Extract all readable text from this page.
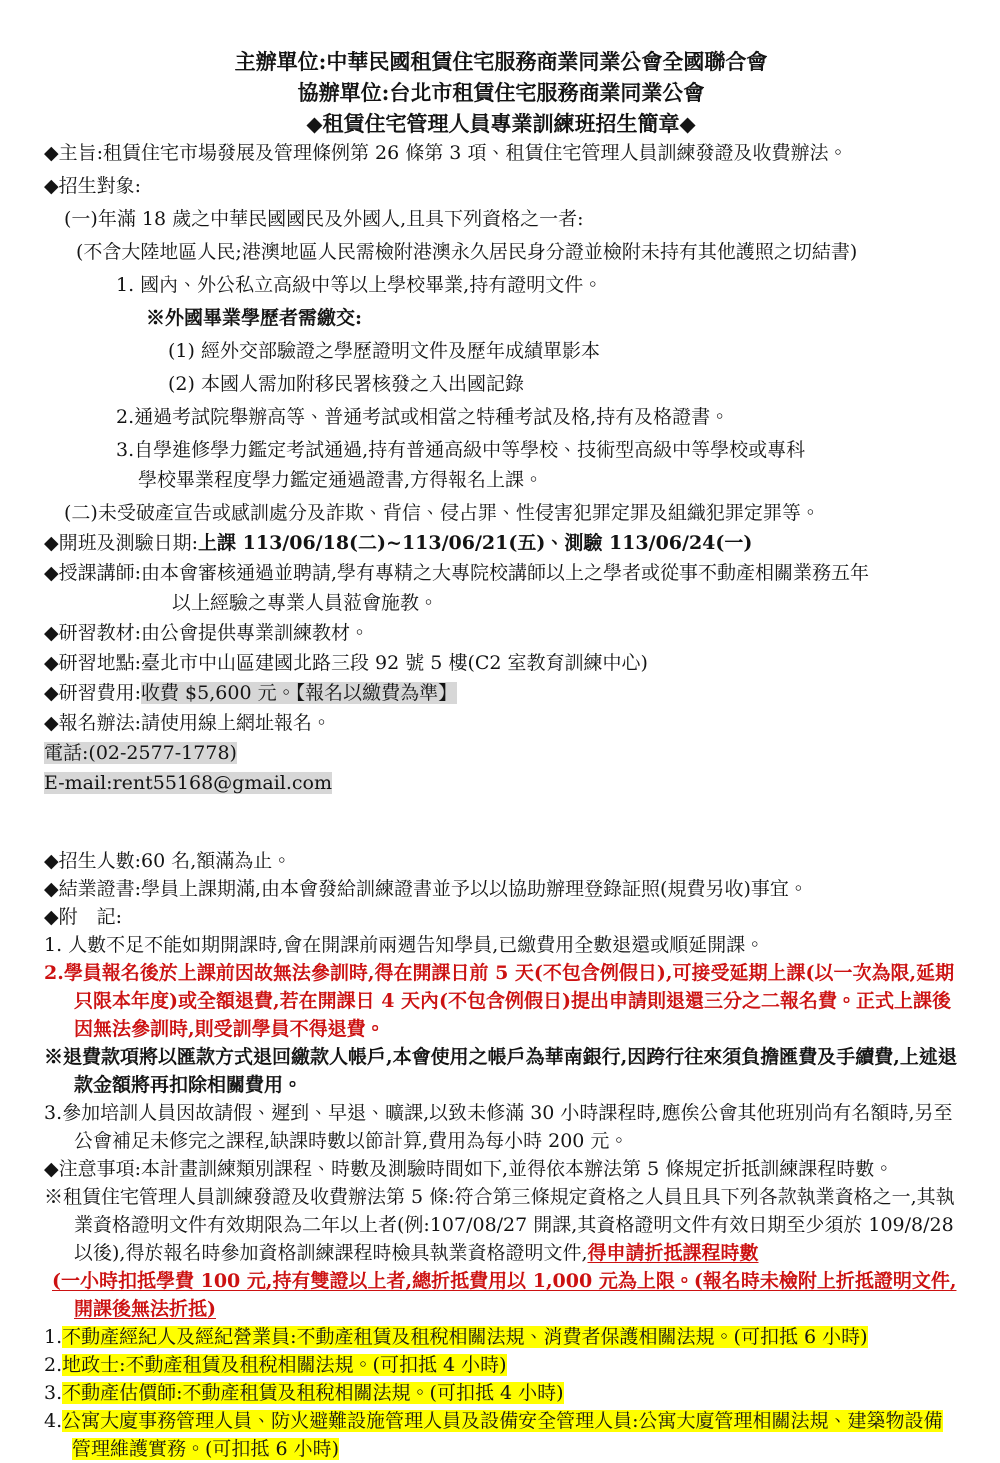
主辦單位:中華民國租賃住宅服務商業同業公會全國聯合會

協辦單位:台北市租賃住宅服務商業同業公會

◆租賃住宅管理人員專業訓練班招生簡章◆

◆主旨:租賃住宅市場發展及管理條例第 26 條第 3 項、租賃住宅管理人員訓練發證及收費辦法。

◆招生對象:

(一)年滿 18 歲之中華民國國民及外國人,且具下列資格之一者:

(不含大陸地區人民;港澳地區人民需檢附港澳永久居民身分證並檢附未持有其他護照之切結書)

1. 國內、外公私立高級中等以上學校畢業,持有證明文件。

※外國畢業學歷者需繳交:

(1) 經外交部驗證之學歷證明文件及歷年成績單影本

(2) 本國人需加附移民署核發之入出國記錄

2.通過考試院舉辦高等、普通考試或相當之特種考試及格,持有及格證書。

3.自學進修學力鑑定考試通過,持有普通高級中等學校、技術型高級中等學校或專科

學校畢業程度學力鑑定通過證書,方得報名上課。

(二)未受破產宣告或感訓處分及詐欺、背信、侵占罪、性侵害犯罪定罪及組織犯罪定罪等。

◆開班及測驗日期:上課 113/06/18(二)~113/06/21(五)、測驗 113/06/24(一)

◆授課講師:由本會審核通過並聘請,學有專精之大專院校講師以上之學者或從事不動產相關業務五年

以上經驗之專業人員蒞會施教。

◆研習教材:由公會提供專業訓練教材。

◆研習地點:臺北市中山區建國北路三段 92 號 5 樓(C2 室教育訓練中心)

◆研習費用:收費 $5,600 元。【報名以繳費為準】

◆報名辦法:請使用線上網址報名。

電話:(02-2577-1778)

E-mail:rent55168@gmail.com

◆招生人數:60 名,額滿為止。

◆結業證書:學員上課期滿,由本會發給訓練證書並予以以協助辦理登錄証照(規費另收)事宜。

◆附　記:

1. 人數不足不能如期開課時,會在開課前兩週告知學員,已繳費用全數退還或順延開課。

2.學員報名後於上課前因故無法參訓時,得在開課日前 5 天(不包含例假日),可接受延期上課(以一次為限,延期只限本年度)或全額退費,若在開課日 4 天內(不包含例假日)提出申請則退還三分之二報名費。正式上課後因無法參訓時,則受訓學員不得退費。

※退費款項將以匯款方式退回繳款人帳戶,本會使用之帳戶為華南銀行,因跨行往來須負擔匯費及手續費,上述退款金額將再扣除相關費用。

3.參加培訓人員因故請假、遲到、早退、曠課,以致未修滿 30 小時課程時,應俟公會其他班別尚有名額時,另至公會補足未修完之課程,缺課時數以節計算,費用為每小時 200 元。

◆注意事項:本計畫訓練類別課程、時數及測驗時間如下,並得依本辦法第 5 條規定折抵訓練課程時數。

※租賃住宅管理人員訓練發證及收費辦法第 5 條:符合第三條規定資格之人員且具下列各款執業資格之一,其執業資格證明文件有效期限為二年以上者(例:107/08/27 開課,其資格證明文件有效日期至少須於 109/8/28 以後),得於報名時參加資格訓練課程時檢具執業資格證明文件,得申請折抵課程時數

(一小時扣抵學費 100 元,持有雙證以上者,總折抵費用以 1,000 元為上限。(報名時未檢附上折抵證明文件,開課後無法折抵)

1.不動產經紀人及經紀營業員:不動產租賃及租稅相關法規、消費者保護相關法規。(可扣抵 6 小時)

2.地政士:不動產租賃及租稅相關法規。(可扣抵 4 小時)

3.不動產估價師:不動產租賃及租稅相關法規。(可扣抵 4 小時)

4.公寓大廈事務管理人員、防火避難設施管理人員及設備安全管理人員:公寓大廈管理相關法規、建築物設備管理維護實務。(可扣抵 6 小時)
